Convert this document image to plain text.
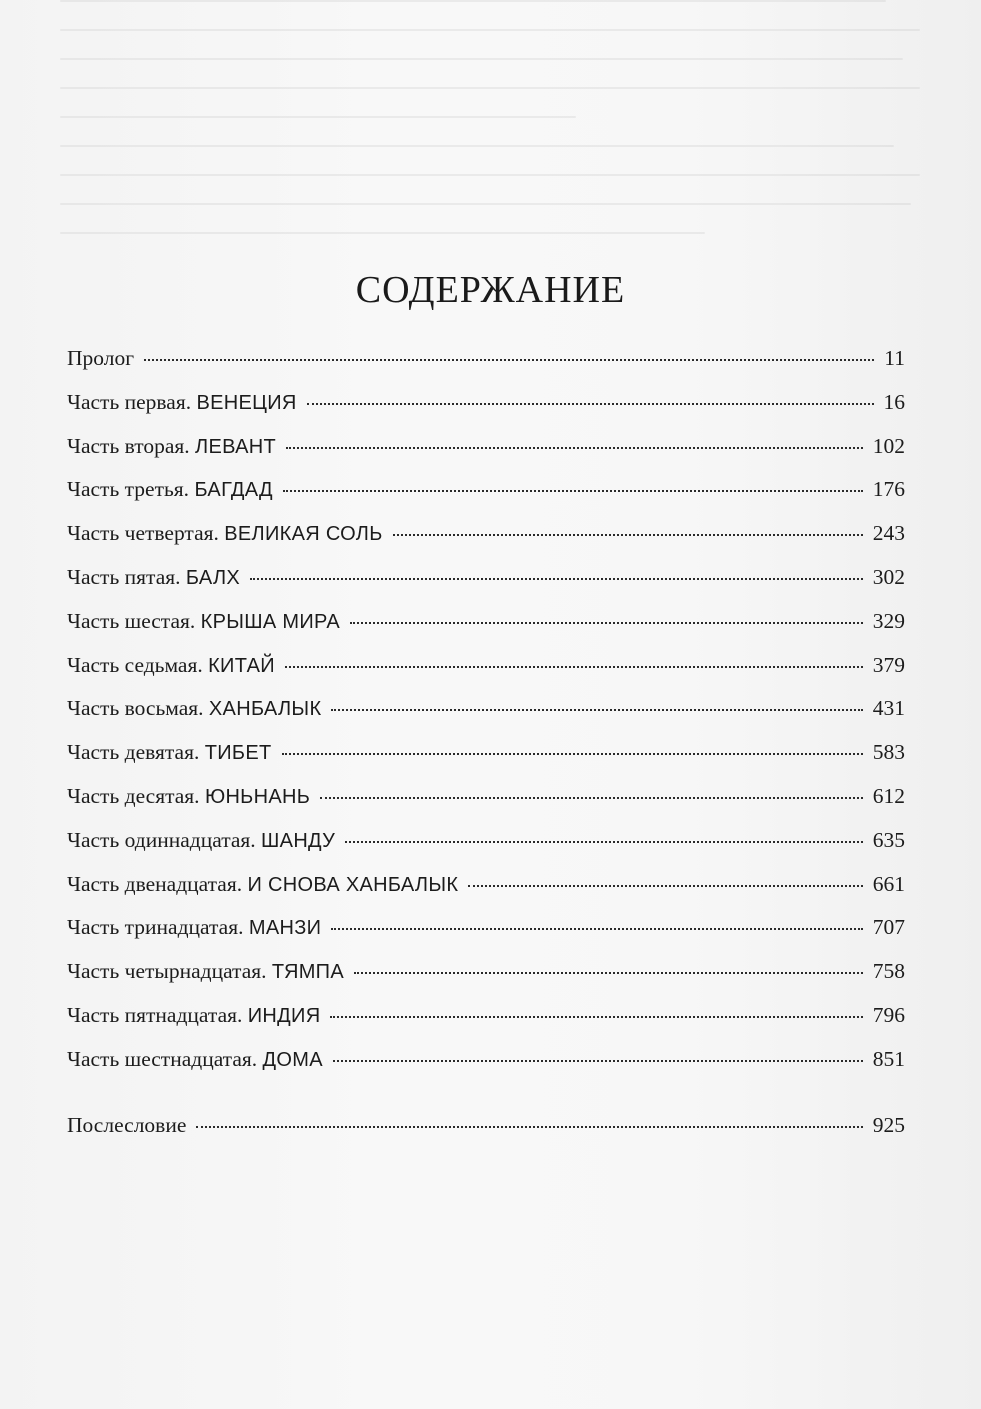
СОДЕРЖАНИЕ
Пролог	11
Часть первая. ВЕНЕЦИЯ	16
Часть вторая. ЛЕВАНТ	102
Часть третья. БАГДАД	176
Часть четвертая. ВЕЛИКАЯ СОЛЬ	243
Часть пятая. БАЛХ	302
Часть шестая. КРЫША МИРА	329
Часть седьмая. КИТАЙ	379
Часть восьмая. ХАНБАЛЫК	431
Часть девятая. ТИБЕТ	583
Часть десятая. ЮНЬНАНЬ	612
Часть одиннадцатая. ШАНДУ	635
Часть двенадцатая. И СНОВА ХАНБАЛЫК	661
Часть тринадцатая. МАНЗИ	707
Часть четырнадцатая. ТЯМПА	758
Часть пятнадцатая. ИНДИЯ	796
Часть шестнадцатая. ДОМА	851
Послесловие	925
